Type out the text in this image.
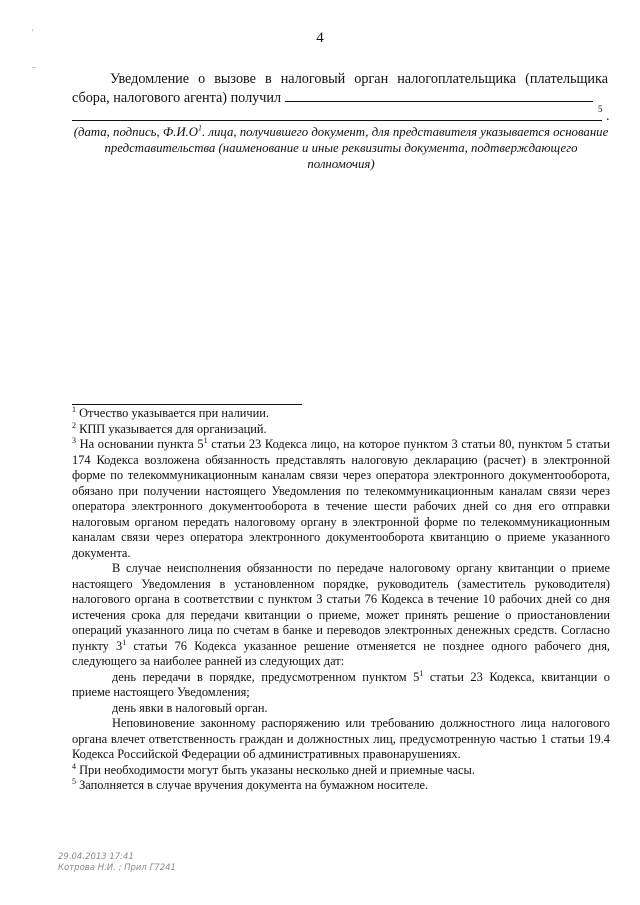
4
'
–
Уведомление о вызове в налоговый орган налогоплательщика (плательщика сбора, налогового агента) получил
5 .
(дата, подпись, $Ф.И.О^1$. лица, получившего документ, для представителя указывается основание представительства (наименование и иные реквизиты документа, подтверждающего полномочия)

$^1$ Отчество указывается при наличии.

$^2$ КПП указывается для организаций.

$^3$ На основании пункта $5^1$ статьи 23 Кодекса лицо, на которое пунктом 3 статьи 80, пунктом 5 статьи 174 Кодекса возложена обязанность представлять налоговую декларацию (расчет) в электронной форме по телекоммуникационным каналам связи через оператора электронного документооборота, обязано при получении настоящего Уведомления по телекоммуникационным каналам связи через оператора электронного документооборота в течение шести рабочих дней со дня его отправки налоговым органом передать налоговому органу в электронной форме по телекоммуникационным каналам связи через оператора электронного документооборота квитанцию о приеме указанного документа.

В случае неисполнения обязанности по передаче налоговому органу квитанции о приеме настоящего Уведомления в установленном порядке, руководитель (заместитель руководителя) налогового органа в соответствии с пунктом 3 статьи 76 Кодекса в течение 10 рабочих дней со дня истечения срока для передачи квитанции о приеме, может принять решение о приостановлении операций указанного лица по счетам в банке и переводов электронных денежных средств. Согласно пункту $3^1$ статьи 76 Кодекса указанное решение отменяется не позднее одного рабочего дня, следующего за наиболее ранней из следующих дат:

день передачи в порядке, предусмотренном пунктом $5^1$ статьи 23 Кодекса, квитанции о приеме настоящего Уведомления;

день явки в налоговый орган.

Неповиновение законному распоряжению или требованию должностного лица налогового органа влечет ответственность граждан и должностных лиц, предусмотренную частью 1 статьи 19.4 Кодекса Российской Федерации об административных правонарушениях.

$^4$ При необходимости могут быть указаны несколько дней и приемные часы.

$^5$ Заполняется в случае вручения документа на бумажном носителе.

29.04.2013 17:41
Котрова Н.И. ; Прил Г7241
